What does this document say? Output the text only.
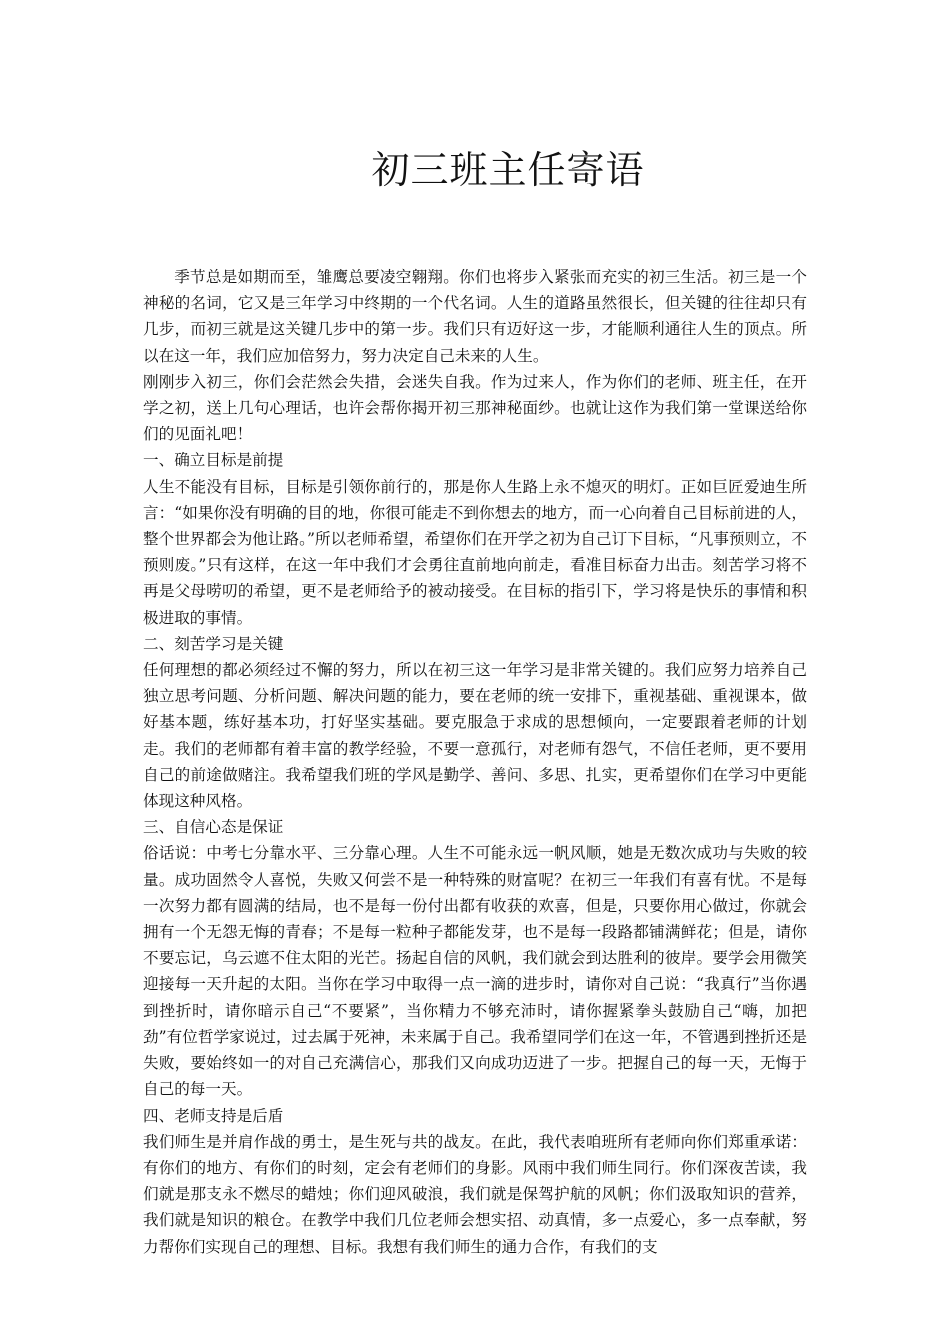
初三班主任寄语

季节总是如期而至，雏鹰总要凌空翱翔。你们也将步入紧张而充实的初三生活。初三是一个神秘的名词，它又是三年学习中终期的一个代名词。人生的道路虽然很长，但关键的往往却只有几步，而初三就是这关键几步中的第一步。我们只有迈好这一步，才能顺利通往人生的顶点。所以在这一年，我们应加倍努力，努力决定自己未来的人生。

刚刚步入初三，你们会茫然会失措，会迷失自我。作为过来人，作为你们的老师、班主任，在开学之初，送上几句心理话，也许会帮你揭开初三那神秘面纱。也就让这作为我们第一堂课送给你们的见面礼吧！

一、确立目标是前提

人生不能没有目标，目标是引领你前行的，那是你人生路上永不熄灭的明灯。正如巨匠爱迪生所言：“如果你没有明确的目的地，你很可能走不到你想去的地方，而一心向着自己目标前进的人，整个世界都会为他让路。”所以老师希望，希望你们在开学之初为自己订下目标，“凡事预则立，不预则废。”只有这样，在这一年中我们才会勇往直前地向前走，看准目标奋力出击。刻苦学习将不再是父母唠叨的希望，更不是老师给予的被动接受。在目标的指引下，学习将是快乐的事情和积极进取的事情。

二、刻苦学习是关键

任何理想的都必须经过不懈的努力，所以在初三这一年学习是非常关键的。我们应努力培养自己独立思考问题、分析问题、解决问题的能力，要在老师的统一安排下，重视基础、重视课本，做好基本题，练好基本功，打好坚实基础。要克服急于求成的思想倾向，一定要跟着老师的计划走。我们的老师都有着丰富的教学经验，不要一意孤行，对老师有怨气，不信任老师，更不要用自己的前途做赌注。我希望我们班的学风是勤学、善问、多思、扎实，更希望你们在学习中更能体现这种风格。

三、自信心态是保证

俗话说：中考七分靠水平、三分靠心理。人生不可能永远一帆风顺，她是无数次成功与失败的较量。成功固然令人喜悦，失败又何尝不是一种特殊的财富呢？在初三一年我们有喜有忧。不是每一次努力都有圆满的结局，也不是每一份付出都有收获的欢喜，但是，只要你用心做过，你就会拥有一个无怨无悔的青春；不是每一粒种子都能发芽，也不是每一段路都铺满鲜花；但是，请你不要忘记，乌云遮不住太阳的光芒。扬起自信的风帆，我们就会到达胜利的彼岸。要学会用微笑迎接每一天升起的太阳。当你在学习中取得一点一滴的进步时，请你对自己说：“我真行”当你遇到挫折时，请你暗示自己“不要紧”，当你精力不够充沛时，请你握紧拳头鼓励自己“嗨，加把劲”有位哲学家说过，过去属于死神，未来属于自己。我希望同学们在这一年，不管遇到挫折还是失败，要始终如一的对自己充满信心，那我们又向成功迈进了一步。把握自己的每一天，无悔于自己的每一天。

四、老师支持是后盾

我们师生是并肩作战的勇士，是生死与共的战友。在此，我代表咱班所有老师向你们郑重承诺：有你们的地方、有你们的时刻，定会有老师们的身影。风雨中我们师生同行。你们深夜苦读，我们就是那支永不燃尽的蜡烛；你们迎风破浪，我们就是保驾护航的风帆；你们汲取知识的营养，我们就是知识的粮仓。在教学中我们几位老师会想实招、动真情，多一点爱心，多一点奉献，努力帮你们实现自己的理想、目标。我想有我们师生的通力合作，有我们的支
